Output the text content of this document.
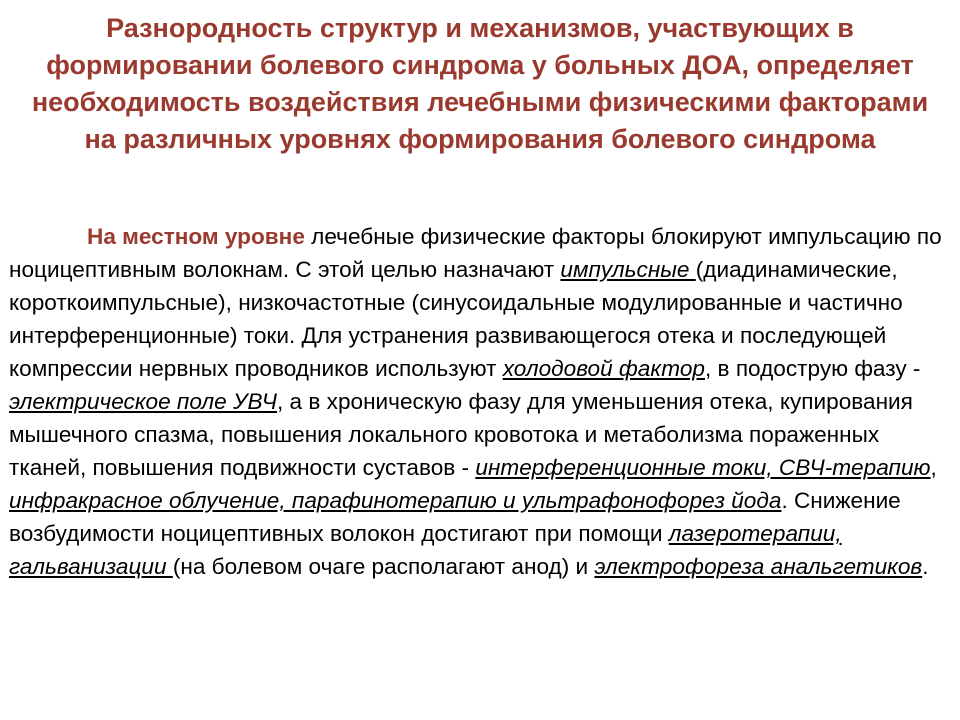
Разнородность структур и механизмов, участвующих в формировании болевого синдрома у больных ДОА, определяет необходимость воздействия лечебными физическими факторами на различных уровнях формирования болевого синдрома

На местном уровне лечебные физические факторы блокируют импульсацию по ноцицептивным волокнам. С этой целью назначают импульсные (диадинамические, короткоимпульсные), низкочастотные (синусоидальные модулированные и частично интерференционные) токи. Для устранения развивающегося отека и последующей компрессии нервных проводников используют холодовой фактор, в подострую фазу - электрическое поле УВЧ, а в хроническую фазу для уменьшения отека, купирования мышечного спазма, повышения локального кровотока и метаболизма пораженных тканей, повышения подвижности суставов - интерференционные токи, СВЧ-терапию, инфракрасное облучение, парафинотерапию и ультрафонофорез йода. Снижение возбудимости ноцицептивных волокон достигают при помощи лазеротерапии, гальванизации (на болевом очаге располагают анод) и электрофореза анальгетиков.
